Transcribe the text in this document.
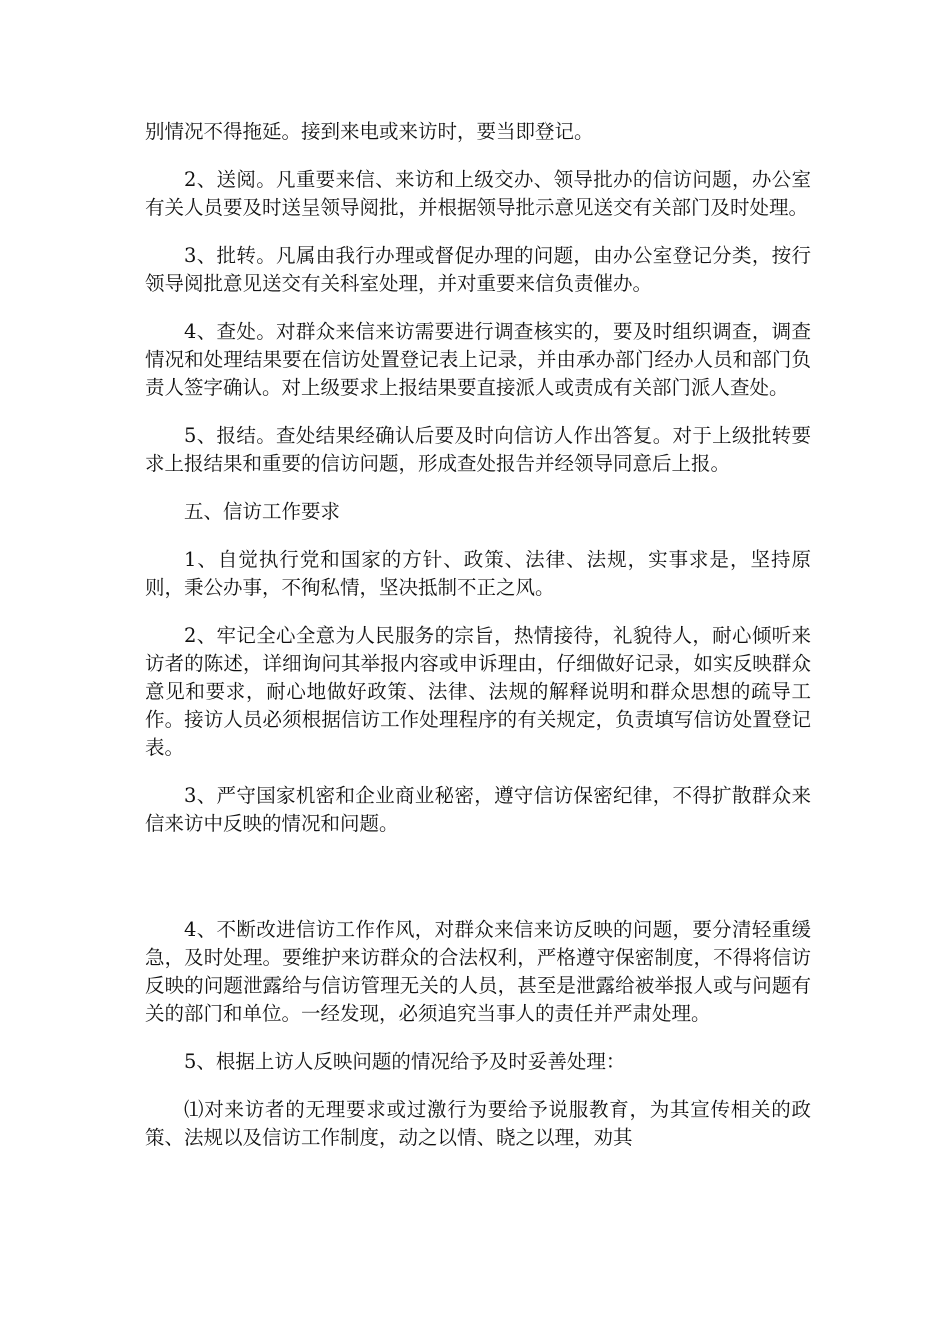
别情况不得拖延。接到来电或来访时，要当即登记。

2、送阅。凡重要来信、来访和上级交办、领导批办的信访问题，办公室有关人员要及时送呈领导阅批，并根据领导批示意见送交有关部门及时处理。

3、批转。凡属由我行办理或督促办理的问题，由办公室登记分类，按行领导阅批意见送交有关科室处理，并对重要来信负责催办。

4、查处。对群众来信来访需要进行调查核实的，要及时组织调查，调查情况和处理结果要在信访处置登记表上记录，并由承办部门经办人员和部门负责人签字确认。对上级要求上报结果要直接派人或责成有关部门派人查处。

5、报结。查处结果经确认后要及时向信访人作出答复。对于上级批转要求上报结果和重要的信访问题，形成查处报告并经领导同意后上报。

五、信访工作要求

1、自觉执行党和国家的方针、政策、法律、法规，实事求是，坚持原则，秉公办事，不徇私情，坚决抵制不正之风。

2、牢记全心全意为人民服务的宗旨，热情接待，礼貌待人，耐心倾听来访者的陈述，详细询问其举报内容或申诉理由，仔细做好记录，如实反映群众意见和要求，耐心地做好政策、法律、法规的解释说明和群众思想的疏导工作。接访人员必须根据信访工作处理程序的有关规定，负责填写信访处置登记表。

3、严守国家机密和企业商业秘密，遵守信访保密纪律，不得扩散群众来信来访中反映的情况和问题。

4、不断改进信访工作作风，对群众来信来访反映的问题，要分清轻重缓急，及时处理。要维护来访群众的合法权利，严格遵守保密制度，不得将信访反映的问题泄露给与信访管理无关的人员，甚至是泄露给被举报人或与问题有关的部门和单位。一经发现，必须追究当事人的责任并严肃处理。

5、根据上访人反映问题的情况给予及时妥善处理：

⑴对来访者的无理要求或过激行为要给予说服教育，为其宣传相关的政策、法规以及信访工作制度，动之以情、晓之以理，劝其
